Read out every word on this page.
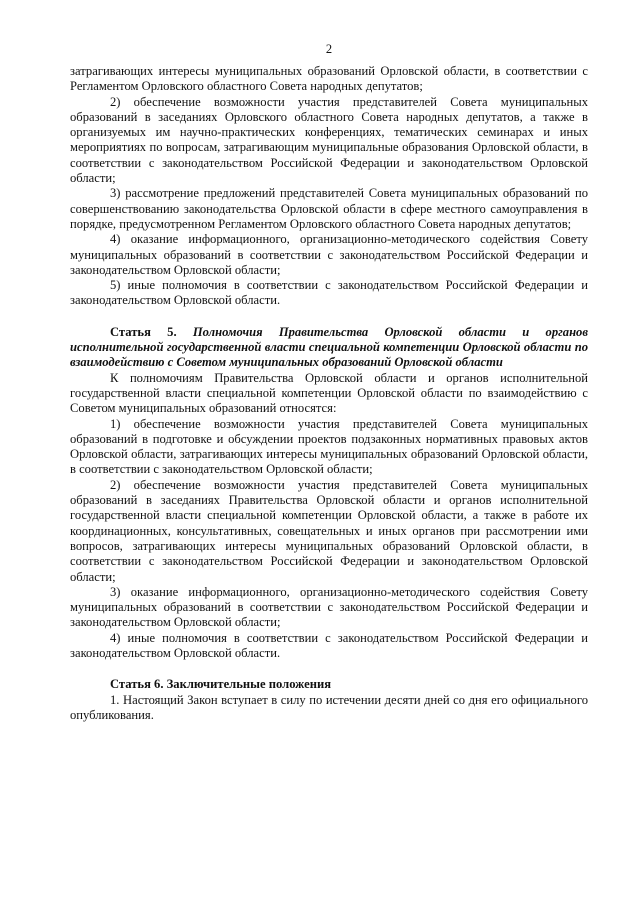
2

затрагивающих интересы муниципальных образований Орловской области, в соответствии с Регламентом Орловского областного Совета народных депутатов;

2) обеспечение возможности участия представителей Совета муниципальных образований в заседаниях Орловского областного Совета народных депутатов, а также в организуемых им научно-практических конференциях, тематических семинарах и иных мероприятиях по вопросам, затрагивающим муниципальные образования Орловской области, в соответствии с законодательством Российской Федерации и законодательством Орловской области;

3) рассмотрение предложений представителей Совета муниципальных образований по совершенствованию законодательства Орловской области в сфере местного самоуправления в порядке, предусмотренном Регламентом Орловского областного Совета народных депутатов;

4) оказание информационного, организационно-методического содействия Совету муниципальных образований в соответствии с законодательством Российской Федерации и законодательством Орловской области;

5) иные полномочия в соответствии с законодательством Российской Федерации и законодательством Орловской области.

Статья 5. Полномочия Правительства Орловской области и органов исполнительной государственной власти специальной компетенции Орловской области по взаимодействию с Советом муниципальных образований Орловской области

К полномочиям Правительства Орловской области и органов исполнительной государственной власти специальной компетенции Орловской области по взаимодействию с Советом муниципальных образований относятся:

1) обеспечение возможности участия представителей Совета муниципальных образований в подготовке и обсуждении проектов подзаконных нормативных правовых актов Орловской области, затрагивающих интересы муниципальных образований Орловской области, в соответствии с законодательством Орловской области;

2) обеспечение возможности участия представителей Совета муниципальных образований в заседаниях Правительства Орловской области и органов исполнительной государственной власти специальной компетенции Орловской области, а также в работе их координационных, консультативных, совещательных и иных органов при рассмотрении ими вопросов, затрагивающих интересы муниципальных образований Орловской области, в соответствии с законодательством Российской Федерации и законодательством Орловской области;

3) оказание информационного, организационно-методического содействия Совету муниципальных образований в соответствии с законодательством Российской Федерации и законодательством Орловской области;

4) иные полномочия в соответствии с законодательством Российской Федерации и законодательством Орловской области.

Статья 6. Заключительные положения

1. Настоящий Закон вступает в силу по истечении десяти дней со дня его официального опубликования.
